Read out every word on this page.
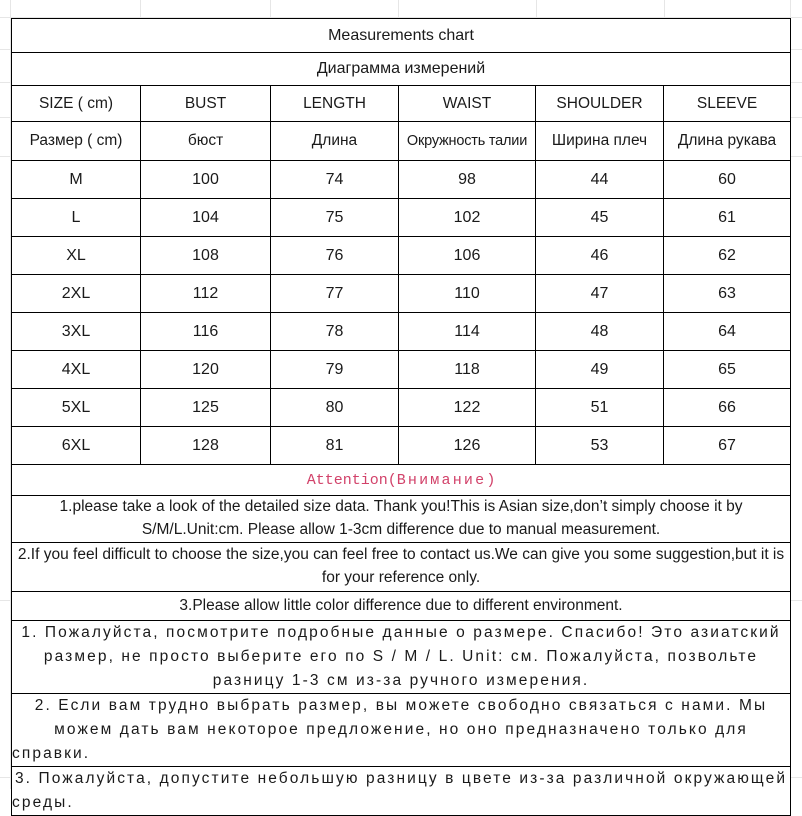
Measurements chart					
Диаграмма измерений					
SIZE ( cm)	BUST	LENGTH	WAIST	SHOULDER	SLEEVE
Размер ( cm)	бюст	Длина	Окружность талии	Ширина плеч	Длина рукава
M	100	74	98	44	60
L	104	75	102	45	61
XL	108	76	106	46	62
2XL	112	77	110	47	63
3XL	116	78	114	48	64
4XL	120	79	118	49	65
5XL	125	80	122	51	66
6XL	128	81	126	53	67
Attention(Внимание)					
1.please take a look of the detailed size data. Thank you!This is Asian size,don’t simply choose it by S/M/L.Unit:cm. Please allow 1-3cm difference due to manual measurement.					
2.If you feel difficult to choose the size,you can feel free to contact us.We can give you some suggestion,but it is for your reference only.					
3.Please allow little color difference due to different environment.					
1. Пожалуйста, посмотрите подробные данные о размере. Спасибо! Это азиатский размер, не просто выберите его по S / M / L. Unit: см. Пожалуйста, позвольте разницу 1-3 см из-за ручного измерения.					
2. Если вам трудно выбрать размер, вы можете свободно связаться с нами. Мы можем дать вам некоторое предложение, но оно предназначено только для справки.					
3. Пожалуйста, допустите небольшую разницу в цвете из-за различной окружающей среды.					
